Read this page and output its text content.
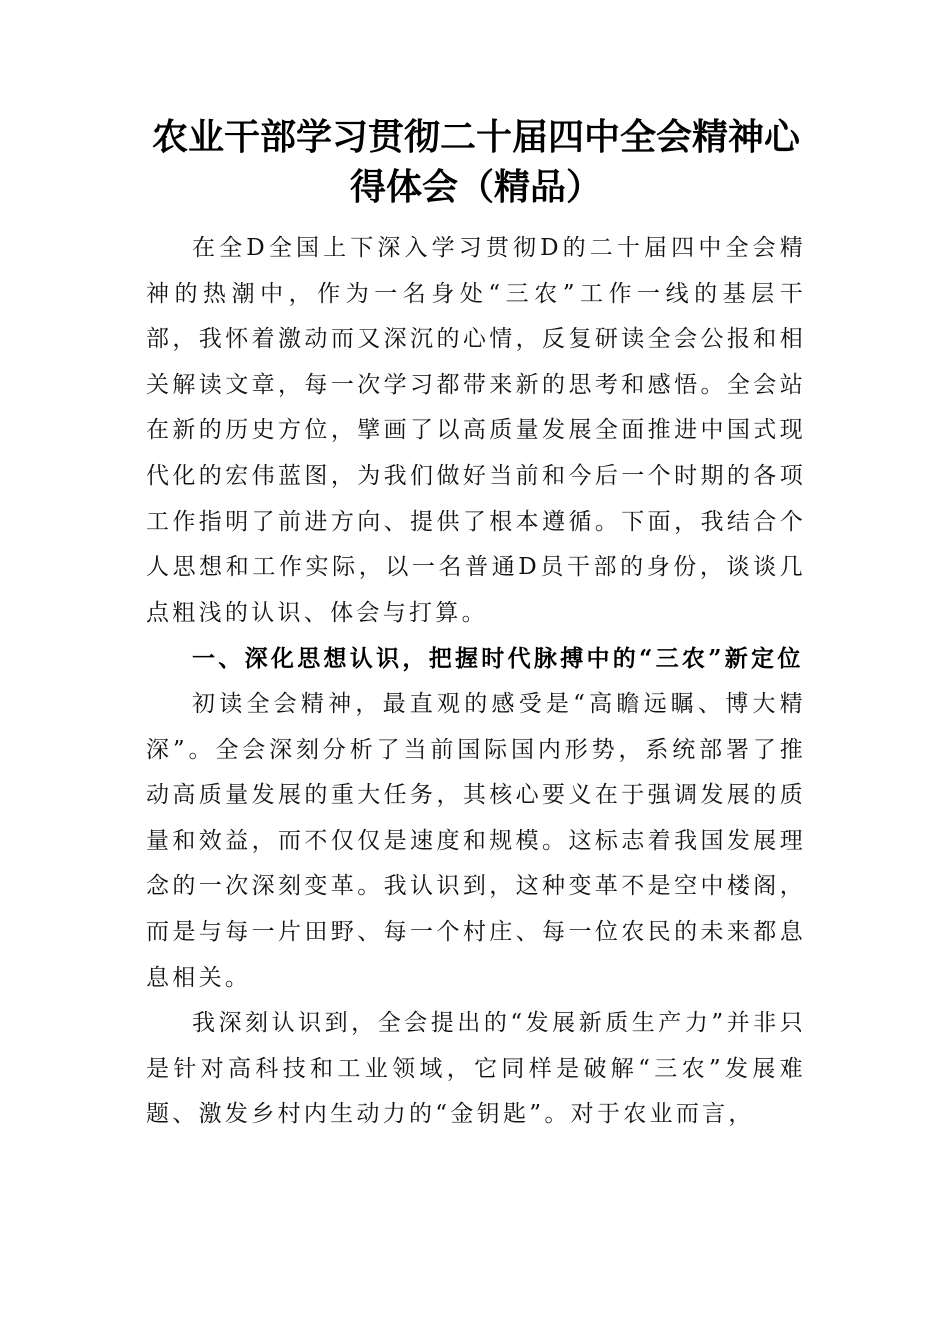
农业干部学习贯彻二十届四中全会精神心得体会（精品）

在全D全国上下深入学习贯彻D的二十届四中全会精神的热潮中，作为一名身处“三农”工作一线的基层干部，我怀着激动而又深沉的心情，反复研读全会公报和相关解读文章，每一次学习都带来新的思考和感悟。全会站在新的历史方位，擘画了以高质量发展全面推进中国式现代化的宏伟蓝图，为我们做好当前和今后一个时期的各项工作指明了前进方向、提供了根本遵循。下面，我结合个人思想和工作实际，以一名普通D员干部的身份，谈谈几点粗浅的认识、体会与打算。

一、深化思想认识，把握时代脉搏中的“三农”新定位

初读全会精神，最直观的感受是“高瞻远瞩、博大精深”。全会深刻分析了当前国际国内形势，系统部署了推动高质量发展的重大任务，其核心要义在于强调发展的质量和效益，而不仅仅是速度和规模。这标志着我国发展理念的一次深刻变革。我认识到，这种变革不是空中楼阁，而是与每一片田野、每一个村庄、每一位农民的未来都息息相关。

我深刻认识到，全会提出的“发展新质生产力”并非只是针对高科技和工业领域，它同样是破解“三农”发展难题、激发乡村内生动力的“金钥匙”。对于农业而言，
